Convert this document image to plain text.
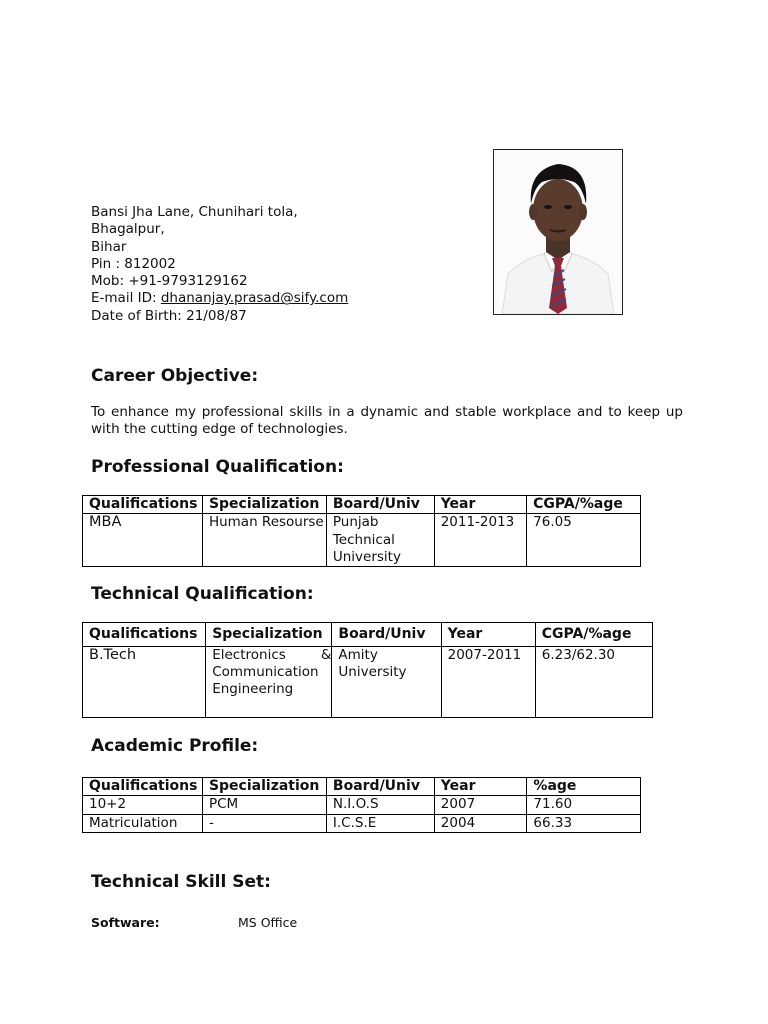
Bansi Jha Lane, Chunihari tola,
Bhagalpur,
Bihar
Pin : 812002
Mob: +91-9793129162
E-mail ID: dhananjay.prasad@sify.com
Date of Birth: 21/08/87
Career Objective:
To enhance my professional skills in a dynamic and stable workplace and to keep up with the cutting edge of technologies.
Professional Qualification:
Qualifications	Specialization	Board/Univ	Year	CGPA/%age
MBA	Human Resourse	Punjab Technical University	2011-2013	76.05
Technical Qualification:
Qualifications	Specialization	Board/Univ	Year	CGPA/%age
B.Tech	Electronics & Communication Engineering	Amity University	2007-2011	6.23/62.30
Academic Profile:
Qualifications	Specialization	Board/Univ	Year	%age
10+2	PCM	N.I.O.S	2007	71.60
Matriculation	-	I.C.S.E	2004	66.33
Technical Skill Set:
Software:	MS Office
